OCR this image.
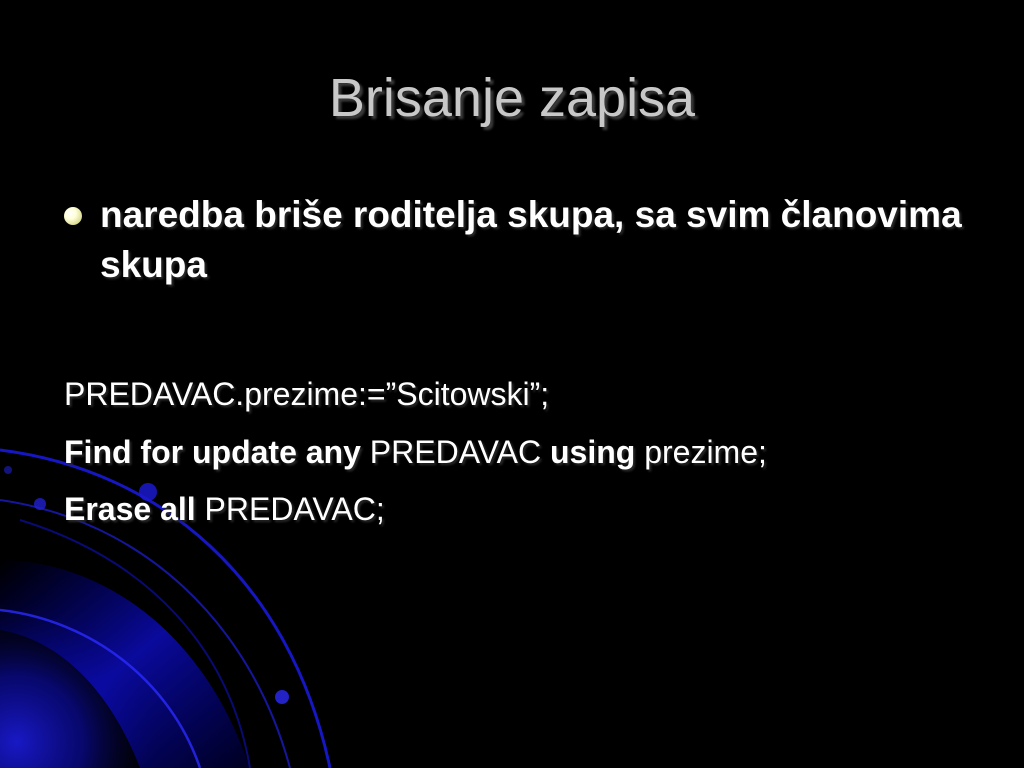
Brisanje zapisa
naredba briše roditelja skupa, sa svim članovima skupa
PREDAVAC.prezime:=”Scitowski”;
Find for update any PREDAVAC using prezime;
Erase all PREDAVAC;
